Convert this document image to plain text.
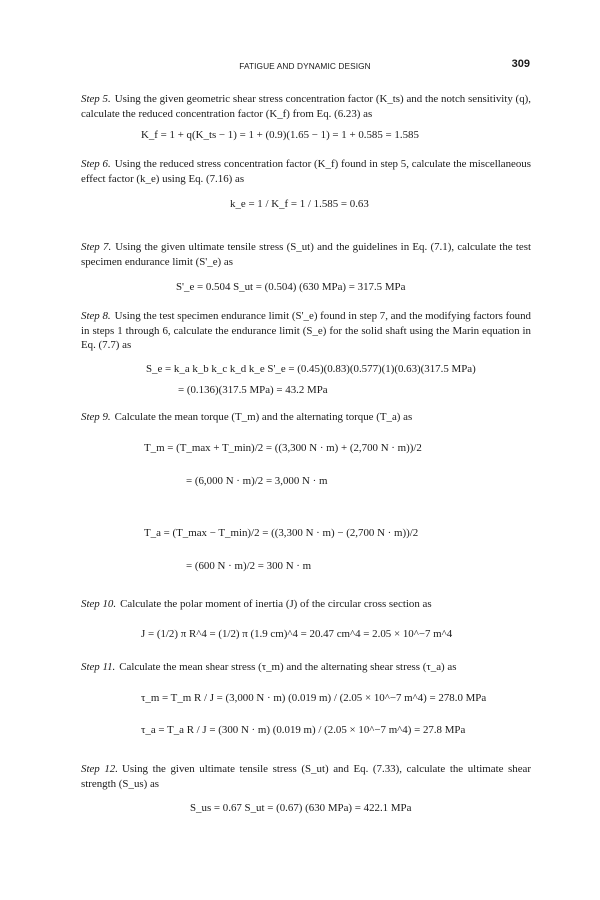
FATIGUE AND DYNAMIC DESIGN	309
Step 5. Using the given geometric shear stress concentration factor (K_ts) and the notch sensitivity (q), calculate the reduced concentration factor (K_f) from Eq. (6.23) as
K_f = 1 + q(K_ts − 1) = 1 + (0.9)(1.65 − 1) = 1 + 0.585 = 1.585
Step 6. Using the reduced stress concentration factor (K_f) found in step 5, calculate the miscellaneous effect factor (k_e) using Eq. (7.16) as
k_e = 1 / K_f = 1 / 1.585 = 0.63
Step 7. Using the given ultimate tensile stress (S_ut) and the guidelines in Eq. (7.1), calculate the test specimen endurance limit (S'_e) as
S'_e = 0.504 S_ut = (0.504) (630 MPa) = 317.5 MPa
Step 8. Using the test specimen endurance limit (S'_e) found in step 7, and the modifying factors found in steps 1 through 6, calculate the endurance limit (S_e) for the solid shaft using the Marin equation in Eq. (7.7) as
S_e = k_a k_b k_c k_d k_e S'_e = (0.45)(0.83)(0.577)(1)(0.63)(317.5 MPa)
= (0.136)(317.5 MPa) = 43.2 MPa
Step 9. Calculate the mean torque (T_m) and the alternating torque (T_a) as
T_m = (T_max + T_min)/2 = ((3,300 N · m) + (2,700 N · m))/2
= (6,000 N · m)/2 = 3,000 N · m
T_a = (T_max − T_min)/2 = ((3,300 N · m) − (2,700 N · m))/2
= (600 N · m)/2 = 300 N · m
Step 10. Calculate the polar moment of inertia (J) of the circular cross section as
J = (1/2) π R^4 = (1/2) π (1.9 cm)^4 = 20.47 cm^4 = 2.05 × 10^−7 m^4
Step 11. Calculate the mean shear stress (τ_m) and the alternating shear stress (τ_a) as
τ_m = T_m R / J = (3,000 N · m) (0.019 m) / (2.05 × 10^−7 m^4) = 278.0 MPa
τ_a = T_a R / J = (300 N · m) (0.019 m) / (2.05 × 10^−7 m^4) = 27.8 MPa
Step 12. Using the given ultimate tensile stress (S_ut) and Eq. (7.33), calculate the ultimate shear strength (S_us) as
S_us = 0.67 S_ut = (0.67) (630 MPa) = 422.1 MPa
